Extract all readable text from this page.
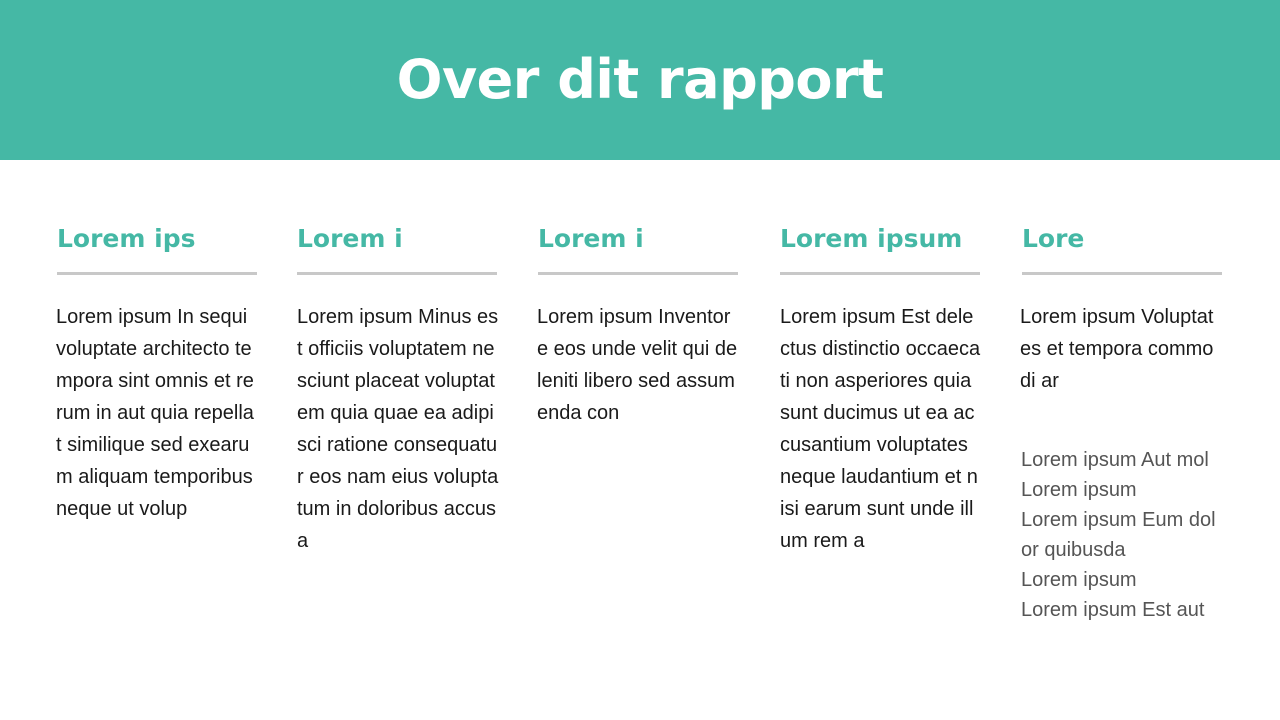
Over dit rapport
Lorem ips
Lorem ipsum In sequi voluptate architecto tempora sint omnis et rerum in aut quia repellat similique sed exearum aliquam temporibus neque ut volup
Lorem i
Lorem ipsum Minus est officiis voluptatem nesciunt placeat voluptatem quia quae ea adipisci ratione consequatur eos nam eius voluptatum in doloribus accusa
Lorem i
Lorem ipsum Inventore eos unde velit qui deleniti libero sed assumenda con
Lorem ipsum
Lorem ipsum Est delectus distinctio occaecati non asperiores quia sunt ducimus ut ea accusantium voluptates neque laudantium et nisi earum sunt unde illum rem a
Lore
Lorem ipsum Voluptates et tempora commodi ar
Lorem ipsum Aut mol
Lorem ipsum
Lorem ipsum Eum dolor quibusda
Lorem ipsum
Lorem ipsum Est aut
